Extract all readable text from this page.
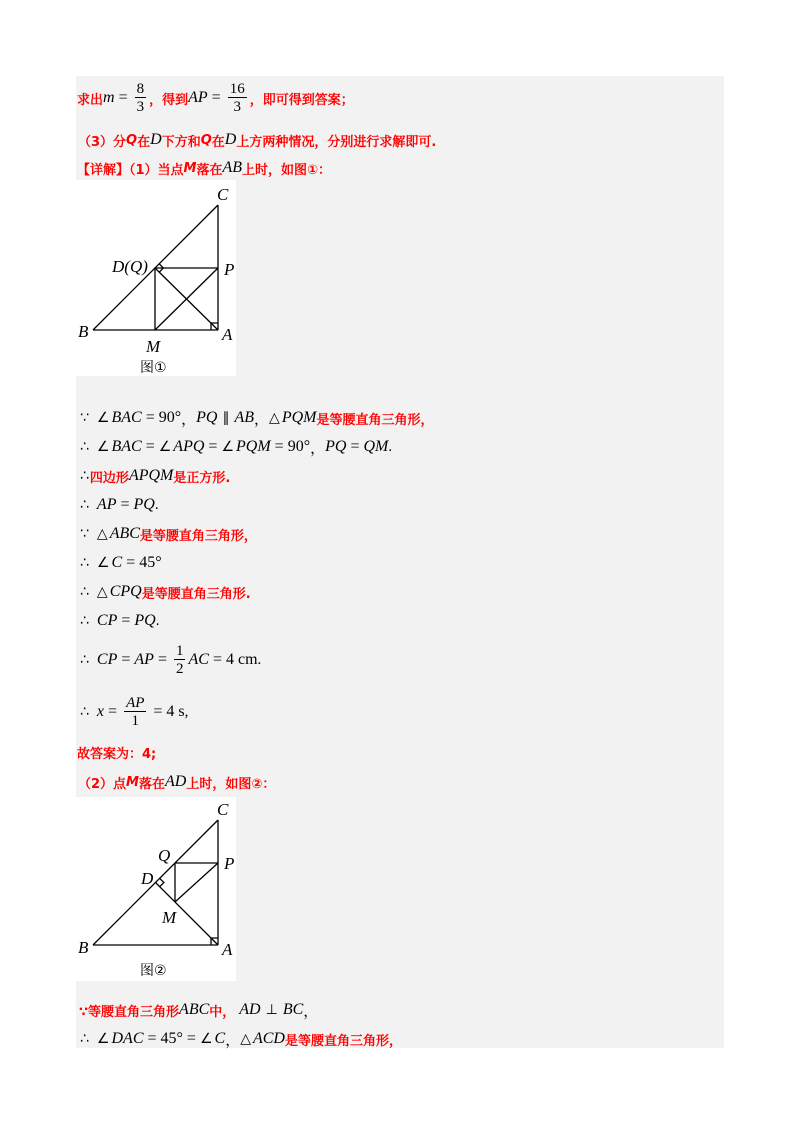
求出 $m = \frac{8}{3}$ ，得到 AP = $\frac{16}{3}$ ，即可得到答案；
（3）分 Q 在 D 下方和 Q 在 D 上方两种情况，分别进行求解即可.
【详解】（1）当点 M 落在 AB 上时，如图①：
C
D(Q)	P
B
M
A
图①
∵ ∠ BAC = 90° ， PQ ∥ AB ， △ PQM 是等腰直角三角形，
∴ ∠ BAC = ∠ APQ = ∠ PQM = 90° ， PQ = QM .
∴ 四边形 APQM 是正方形.
∴ AP = PQ .
∵ △ ABC 是等腰直角三角形，
∴ ∠ C = 45°
∴ △ CPQ 是等腰直角三角形.
∴ CP = PQ .
∴ CP = AP = $\frac{1}{2}$ AC = 4 cm .
∴ $x = \frac{AP}{1} = 4$ s ,
故答案为：4;
（2）点 M 落在 AD 上时，如图②：
C
Q	P
D
M
B	A
图②
∵等腰直角三角形 ABC 中， AD ⊥ BC ，
∴ ∠ DAC = 45° = ∠ C ， △ ACD 是等腰直角三角形，
